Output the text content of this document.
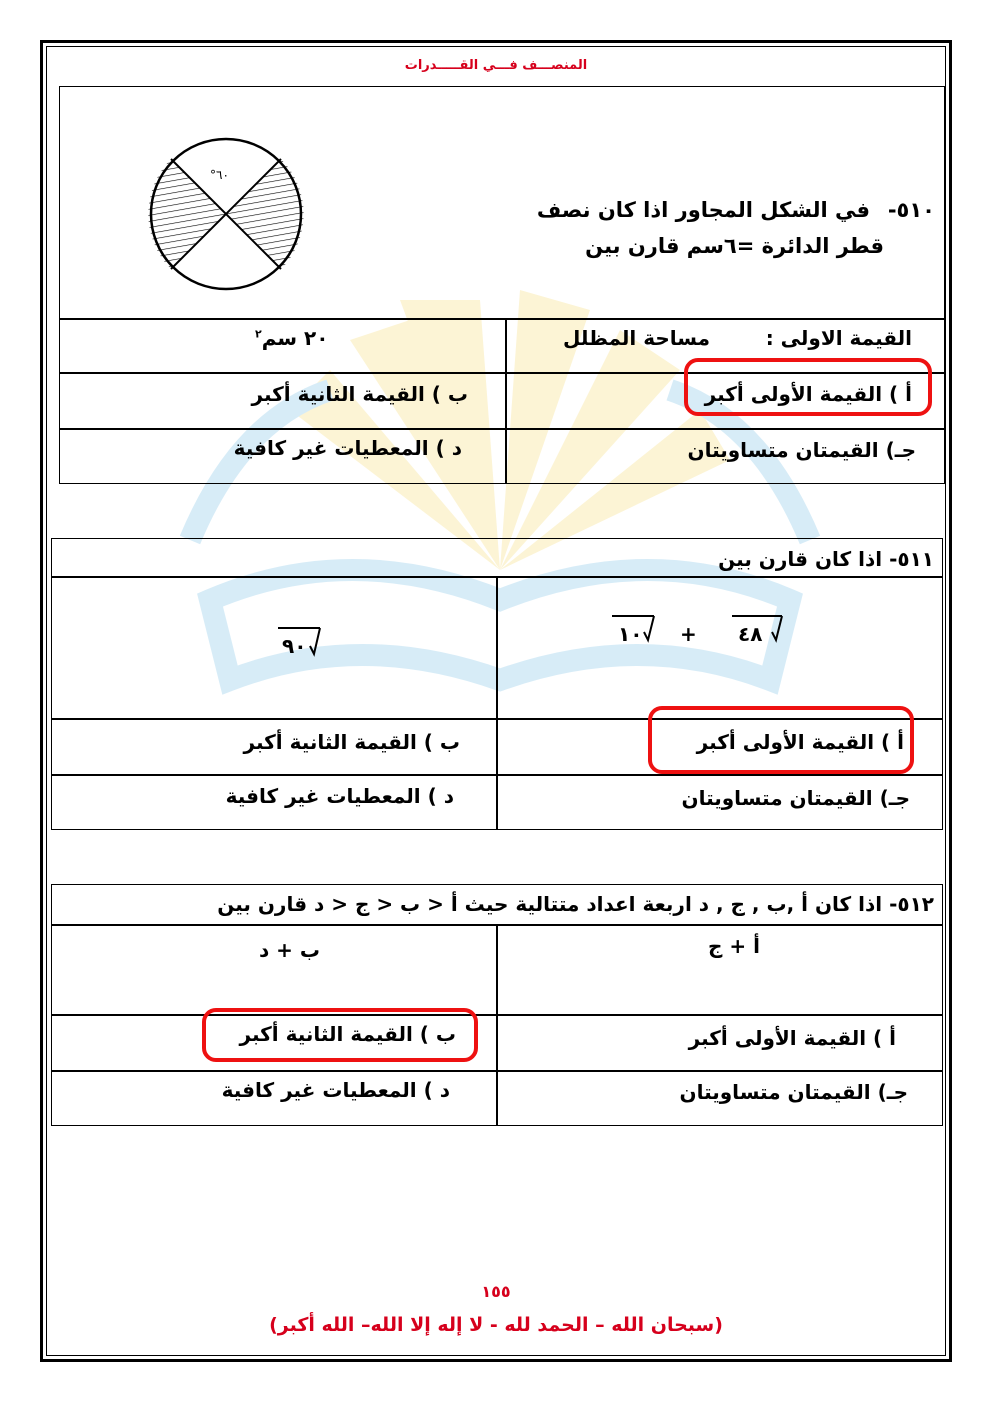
المنصـــف فـــي القـــــدرات
°٦٠
٥١٠-
في الشكل المجاور اذا كان نصف
قطر الدائرة =٦سم قارن بين
القيمة الاولى :
مساحة المظلل
٢٠ سم$^٢$
أ ) القيمة الأولى أكبر
ب ) القيمة الثانية أكبر
جـ) القيمتان متساويتان
د ) المعطيات غير كافية
٥١١- اذا كان قارن بين
١٠ + ٤٨
٩٠
أ ) القيمة الأولى أكبر
ب ) القيمة الثانية أكبر
جـ) القيمتان متساويتان
د ) المعطيات غير كافية
٥١٢- اذا كان أ ,ب , ج , د اربعة اعداد متتالية حيث أ < ب < ج < د قارن بين
أ + ج
ب + د
أ ) القيمة الأولى أكبر
ب ) القيمة الثانية أكبر
جـ) القيمتان متساويتان
د ) المعطيات غير كافية
١٥٥
(سبحان الله – الحمد لله - لا إله إلا الله– الله أكبر)
